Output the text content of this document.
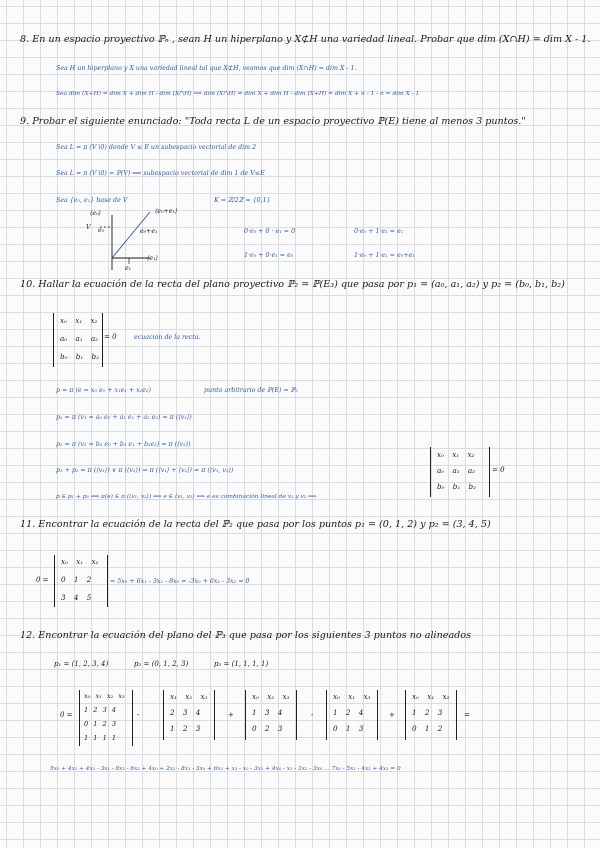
8. En un espacio proyectivo ℙₙ , sean H un hiperplano y X⊄H una variedad lineal. Probar que dim (X∩H) = dim X - 1.
Sea H un hiperplano y X una variedad lineal tal que X⊄H, veamos que dim (X∩H) = dim X - 1.
Sea dim (X+H) = dim X + dim H - dim (X∩H) ⟹ dim (X∩H) = dim X + dim H - dim (X+H) = dim X + n - 1 - n = dim X - 1
9. Probar el siguiente enunciado: "Toda recta L de un espacio proyectivo ℙ(E) tiene al menos 3 puntos."
Sea L = π (V∖0) donde V ≤ E un subespacio vectorial de dim 2
Sea L = π (V∖0) = ℙ(V) ⟹ subespacio vectorial de dim 1 de V≤E
Sea {e₀, e₁} base de V	K = ℤ/2ℤ = {0,1}
V
⟨e₀+e₁⟩
⟨e₀⟩
e₀	e₀+e₁
⟨e₁⟩
e₁
0·e₀ + 0 · e₁ = 0	0·e₀ + 1·e₁ = e₁
1·e₀ + 0·e₁ = e₀	1·e₀ + 1·e₁ = e₀+e₁
10. Hallar la ecuación de la recta del plano proyectivo ℙ₂ = ℙ(E₃) que pasa por p₁ = (a₀, a₁, a₂) y p₂ = (b₀, b₁, b₂)
x₀ x₁ x₂
a₀ a₁ a₂
b₀ b₁ b₂
= 0	ecuación de la recta.
p = π (e = x₀ e₀ + x₁e₁ + x₂e₂)	punto arbitrario de ℙ(E) = ℙ₂
p₁ = π (v₁ = a₀ e₀ + a₁ e₁ + a₂ e₂) = π (⟨v₁⟩)
p₂ = π (v₂ = b₀ e₀ + b₁ e₁ + b₂e₂) = π (⟨v₂⟩)
p₁ + p₂ = π (⟨v₁⟩) ∨ π (⟨v₂⟩) = π (⟨v₁⟩ + ⟨v₂⟩) = π (⟨v₁, v₂⟩)
p ∈ p₁ + p₂ ⟺ π(e) ∈ π (⟨v₁, v₂⟩) ⟺ e ∈ ⟨v₁, v₂⟩ ⟺ e es combinación lineal de v₁ y v₂ ⟺
x₀ x₁ x₂
a₀ a₁ a₂
b₀ b₁ b₂
= 0
11. Encontrar la ecuación de la recta del ℙ₂ que pasa por los puntos p₁ = (0, 1, 2) y p₂ = (3, 4, 5)
0 =
x₀ x₁ x₂
0 1 2
3 4 5
= 5x₀ + 6x₁ - 3x₂ - 8x₀ = -3x₀ + 6x₁ - 3x₂ = 0
12. Encontrar la ecuación del plano del ℙ₃ que pasa por los siguientes 3 puntos no alineados
p₁ = (1, 2, 3, 4)	p₂ = (0, 1, 2, 3)	p₃ = (1, 1, 1, 1)
0 =
x₀ x₁ x₂ x₃
1 2 3 4
0 1 2 3
1 1 1 1
-
x₁ x₂ x₃
2 3 4
1 2 3
+
x₀ x₂ x₃
1 3 4
0 2 3
-
x₀ x₁ x₃
1 2 4
0 1 3
+
x₀ x₁ x₂
1 2 3
0 1 2
=
5x₀ + 4x₂ + 4x₃ - 3x₁ - 8x₂ - 6x₃ + 4x₀ + 2x₂ - 8x₃ - 3x₀ + 6x₁ + x₃ - x₀ - 3x₁ + 4x₀ - x₁ - 3x₂ - 3x₀ ... 7x₀ - 5x₁ - 4x₂ + 4x₃ = 0
